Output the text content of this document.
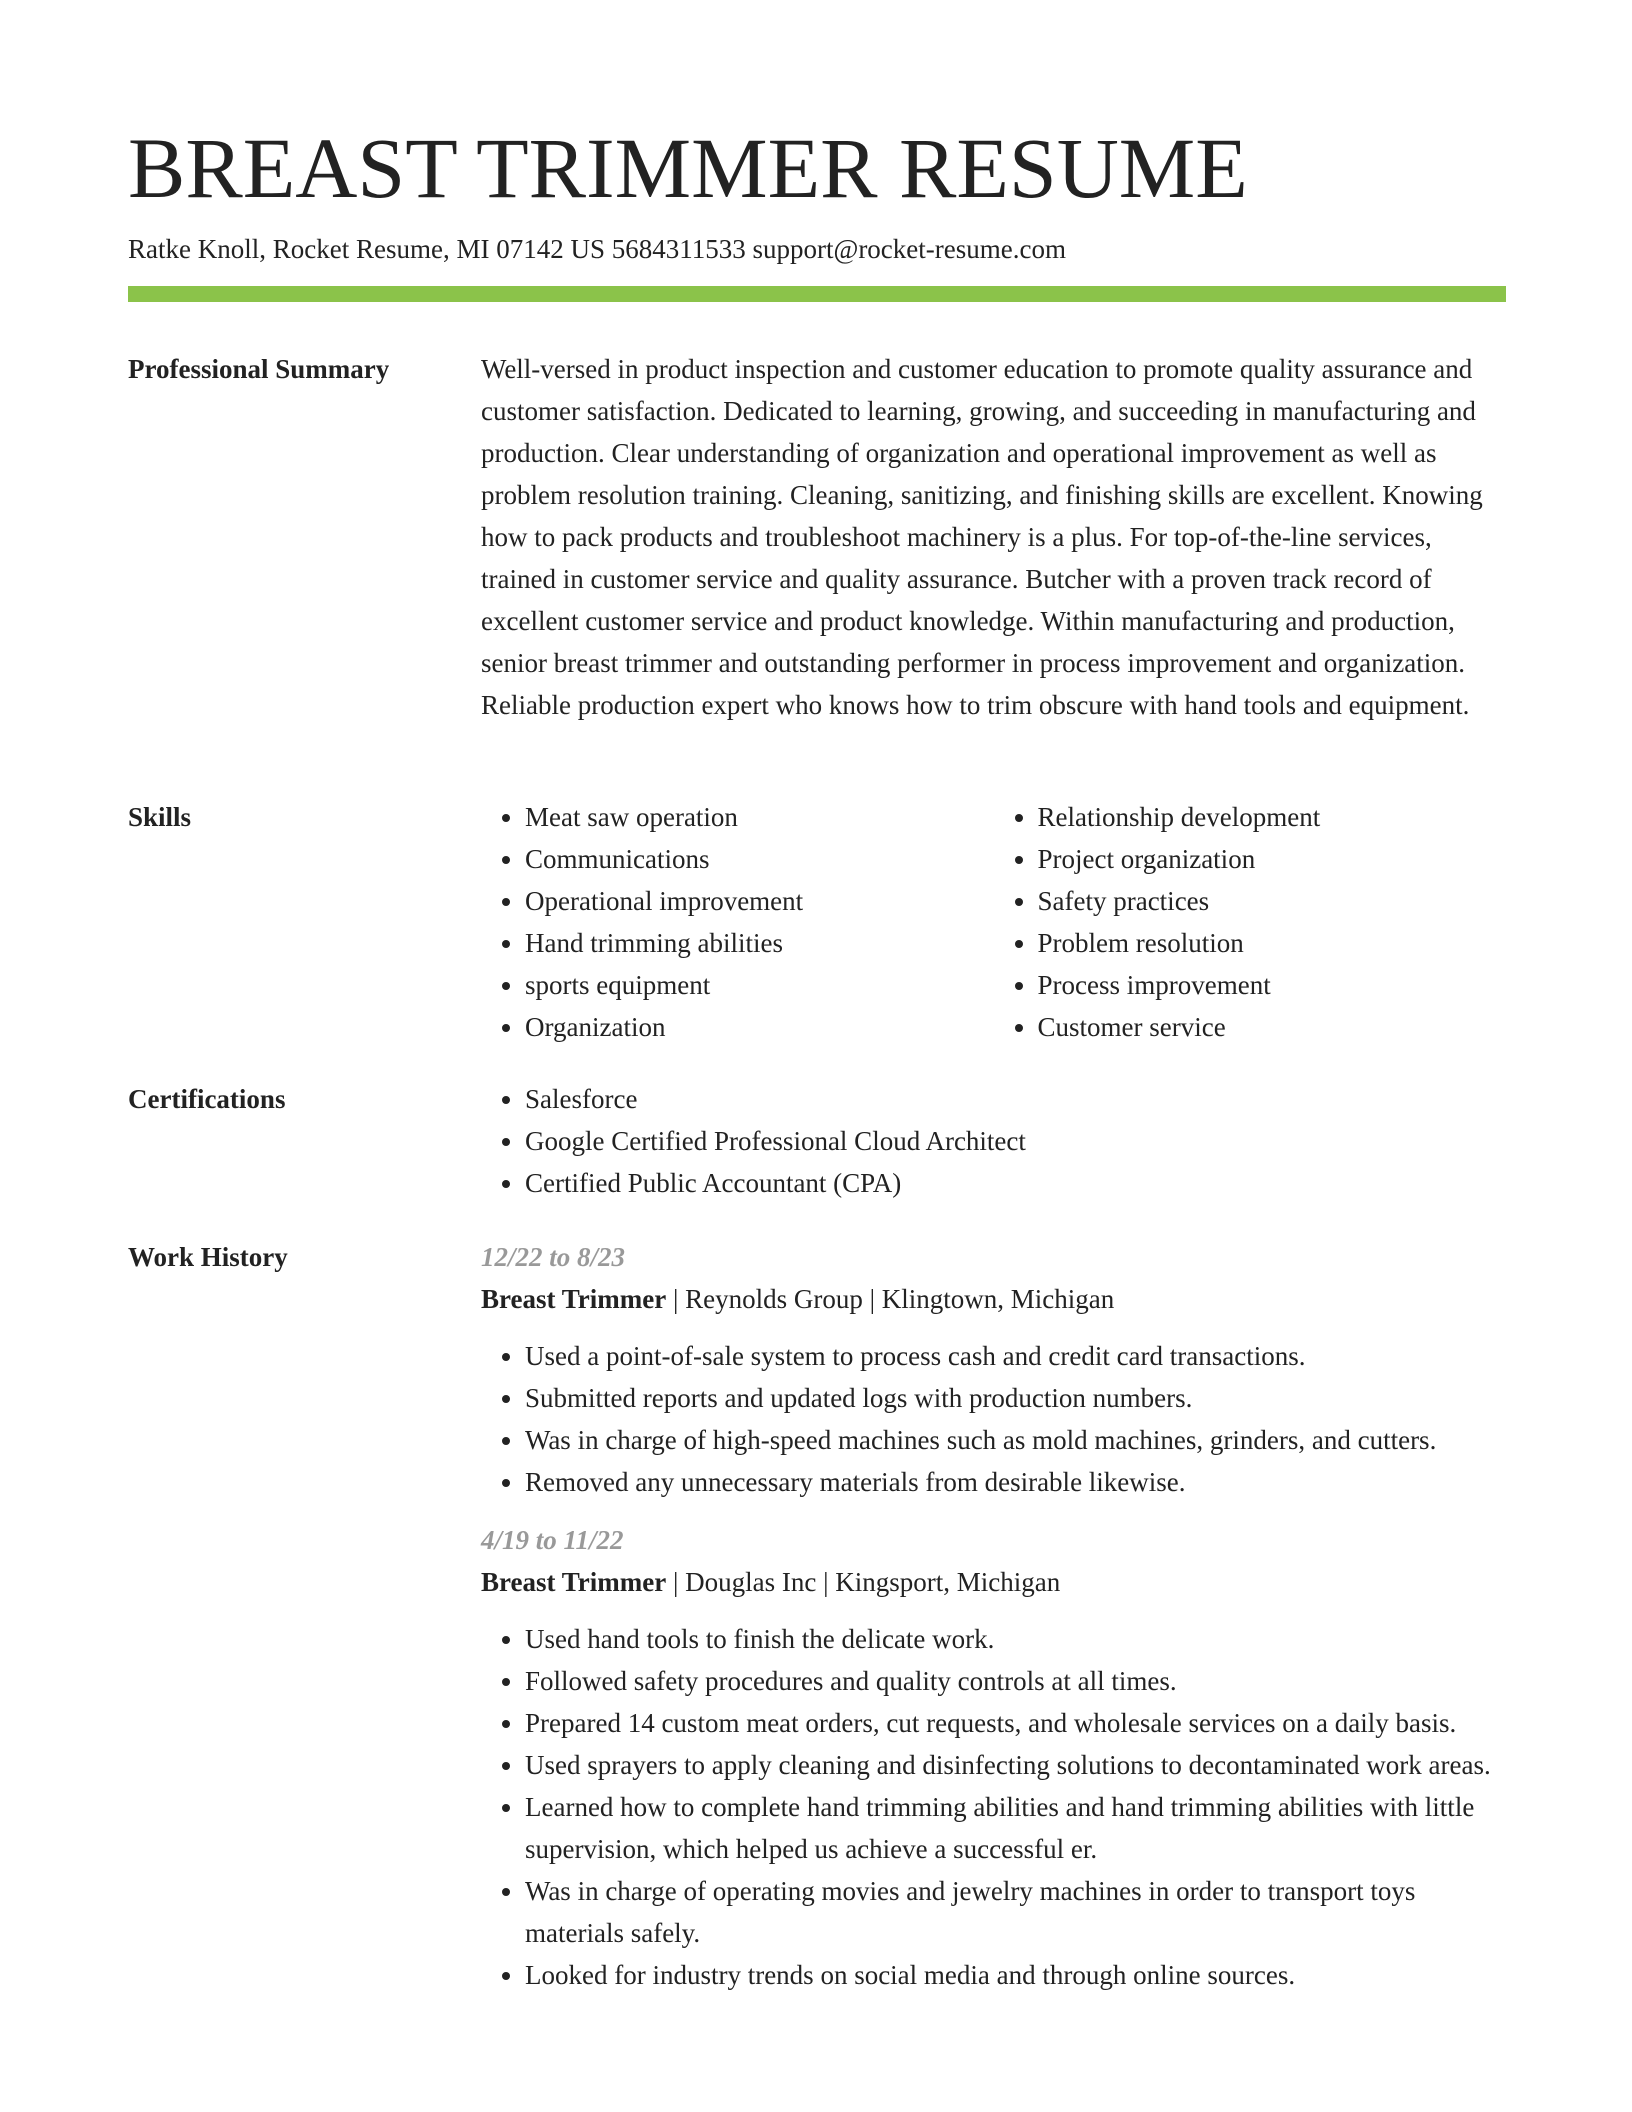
BREAST TRIMMER RESUME
Ratke Knoll, Rocket Resume, MI 07142 US 5684311533 support@rocket-resume.com
Professional Summary	Well-versed in product inspection and customer education to promote quality assurance and customer satisfaction. Dedicated to learning, growing, and succeeding in manufacturing and production. Clear understanding of organization and operational improvement as well as problem resolution training. Cleaning, sanitizing, and finishing skills are excellent. Knowing how to pack products and troubleshoot machinery is a plus. For top-of-the-line services, trained in customer service and quality assurance. Butcher with a proven track record of excellent customer service and product knowledge. Within manufacturing and production, senior breast trimmer and outstanding performer in process improvement and organization. Reliable production expert who knows how to trim obscure with hand tools and equipment.

Skills	• Meat saw operation
• Communications
• Operational improvement
• Hand trimming abilities
• sports equipment
• Organization
• Relationship development
• Project organization
• Safety practices
• Problem resolution
• Process improvement
• Customer service
Certifications	• Salesforce
• Google Certified Professional Cloud Architect
• Certified Public Accountant (CPA)
Work History	12/22 to 8/23
Breast Trimmer | Reynolds Group | Klingtown, Michigan
• Used a point-of-sale system to process cash and credit card transactions.
• Submitted reports and updated logs with production numbers.
• Was in charge of high-speed machines such as mold machines, grinders, and cutters.
• Removed any unnecessary materials from desirable likewise.
4/19 to 11/22
Breast Trimmer | Douglas Inc | Kingsport, Michigan
• Used hand tools to finish the delicate work.
• Followed safety procedures and quality controls at all times.
• Prepared 14 custom meat orders, cut requests, and wholesale services on a daily basis.
• Used sprayers to apply cleaning and disinfecting solutions to decontaminated work areas.
• Learned how to complete hand trimming abilities and hand trimming abilities with little supervision, which helped us achieve a successful er.
• Was in charge of operating movies and jewelry machines in order to transport toys materials safely.
• Looked for industry trends on social media and through online sources.
